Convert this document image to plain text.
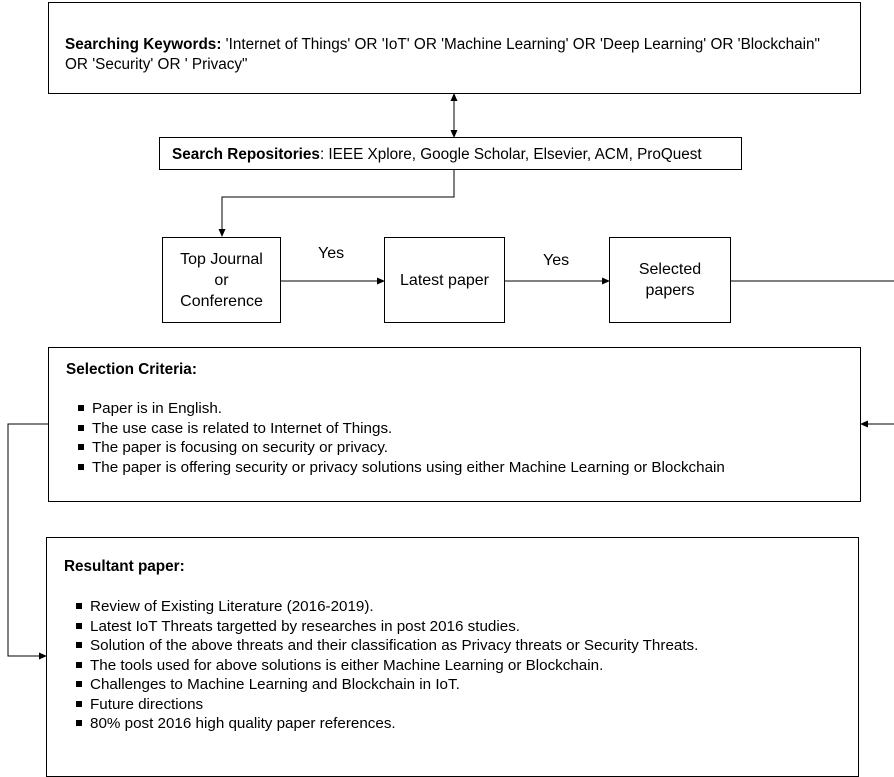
Searching Keywords: 'Internet of Things' OR 'IoT' OR 'Machine Learning' OR 'Deep Learning' OR 'Blockchain"
OR 'Security' OR ' Privacy"
Search Repositories: IEEE Xplore, Google Scholar, Elsevier, ACM, ProQuest
Top Journal
or
Conference
Latest paper
Selected
papers
Yes	Yes
Selection Criteria:
Paper is in English.
The use case is related to Internet of Things.
The paper is focusing on security or privacy.
The paper is offering security or privacy solutions using either Machine Learning or Blockchain
Resultant paper:
Review of Existing Literature (2016-2019).
Latest IoT Threats targetted by researches in post 2016 studies.
Solution of the above threats and their classification as Privacy threats or Security Threats.
The tools used for above solutions is either Machine Learning or Blockchain.
Challenges to Machine Learning and Blockchain in IoT.
Future directions
80% post 2016 high quality paper references.
